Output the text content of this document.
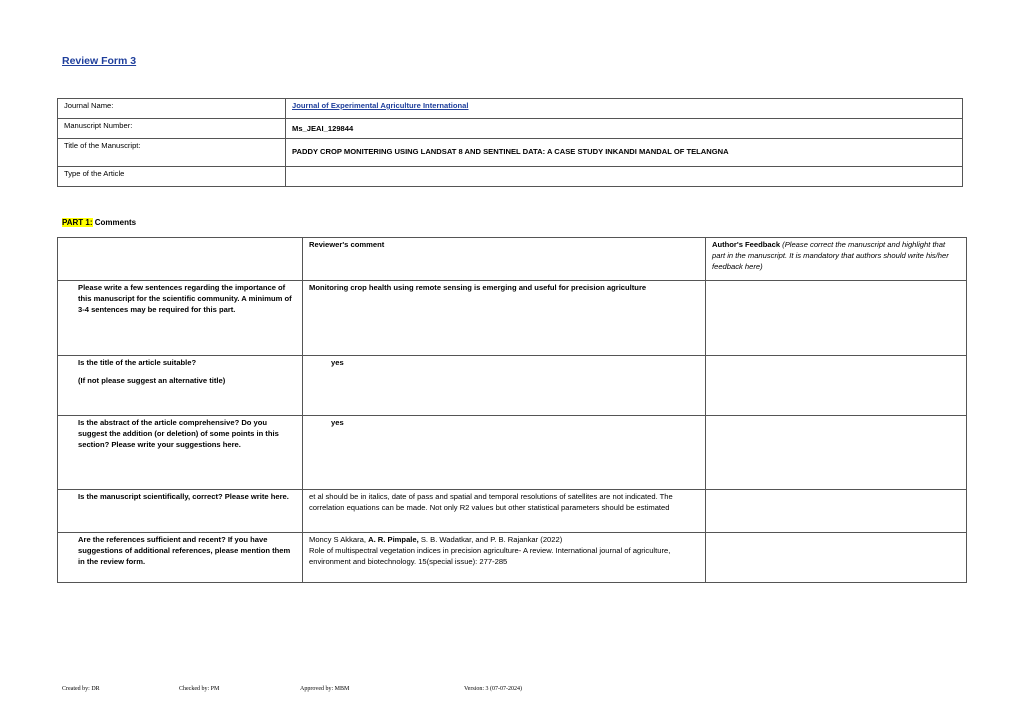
Review Form 3
Journal Name:	Journal of Experimental Agriculture International
Manuscript Number:	Ms_JEAI_129844

Title of the Manuscript:	PADDY CROP MONITERING USING LANDSAT 8 AND SENTINEL DATA: A CASE STUDY INKANDI MANDAL OF TELANGNA

Type of the Article	
PART 1: Comments
	Reviewer's comment	Author's Feedback (Please correct the manuscript and highlight that part in the manuscript. It is mandatory that authors should write his/her feedback here)
Please write a few sentences regarding the importance of this manuscript for the scientific community. A minimum of 3-4 sentences may be required for this part.	Monitoring crop health using remote sensing is emerging and useful for precision agriculture	

Is the title of the article suitable?
(If not please suggest an alternative title)	yes	
Is the abstract of the article comprehensive? Do you suggest the addition (or deletion) of some points in this section? Please write your suggestions here.	yes	
Is the manuscript scientifically, correct? Please write here.	et al should be in italics, date of pass and spatial and temporal resolutions of satellites are not indicated. The correlation equations can be made. Not only R2 values but other statistical parameters should be estimated	
Are the references sufficient and recent? If you have suggestions of additional references, please mention them in the review form.	Moncy S Akkara, A. R. Pimpale, S. B. Wadatkar, and P. B. Rajankar (2022)
Role of multispectral vegetation indices in precision agriculture- A review. International journal of agriculture, environment and biotechnology. 15(special issue): 277-285	

Created by: DR	Checked by: PM	Approved by: MBM	Version: 3 (07-07-2024)
